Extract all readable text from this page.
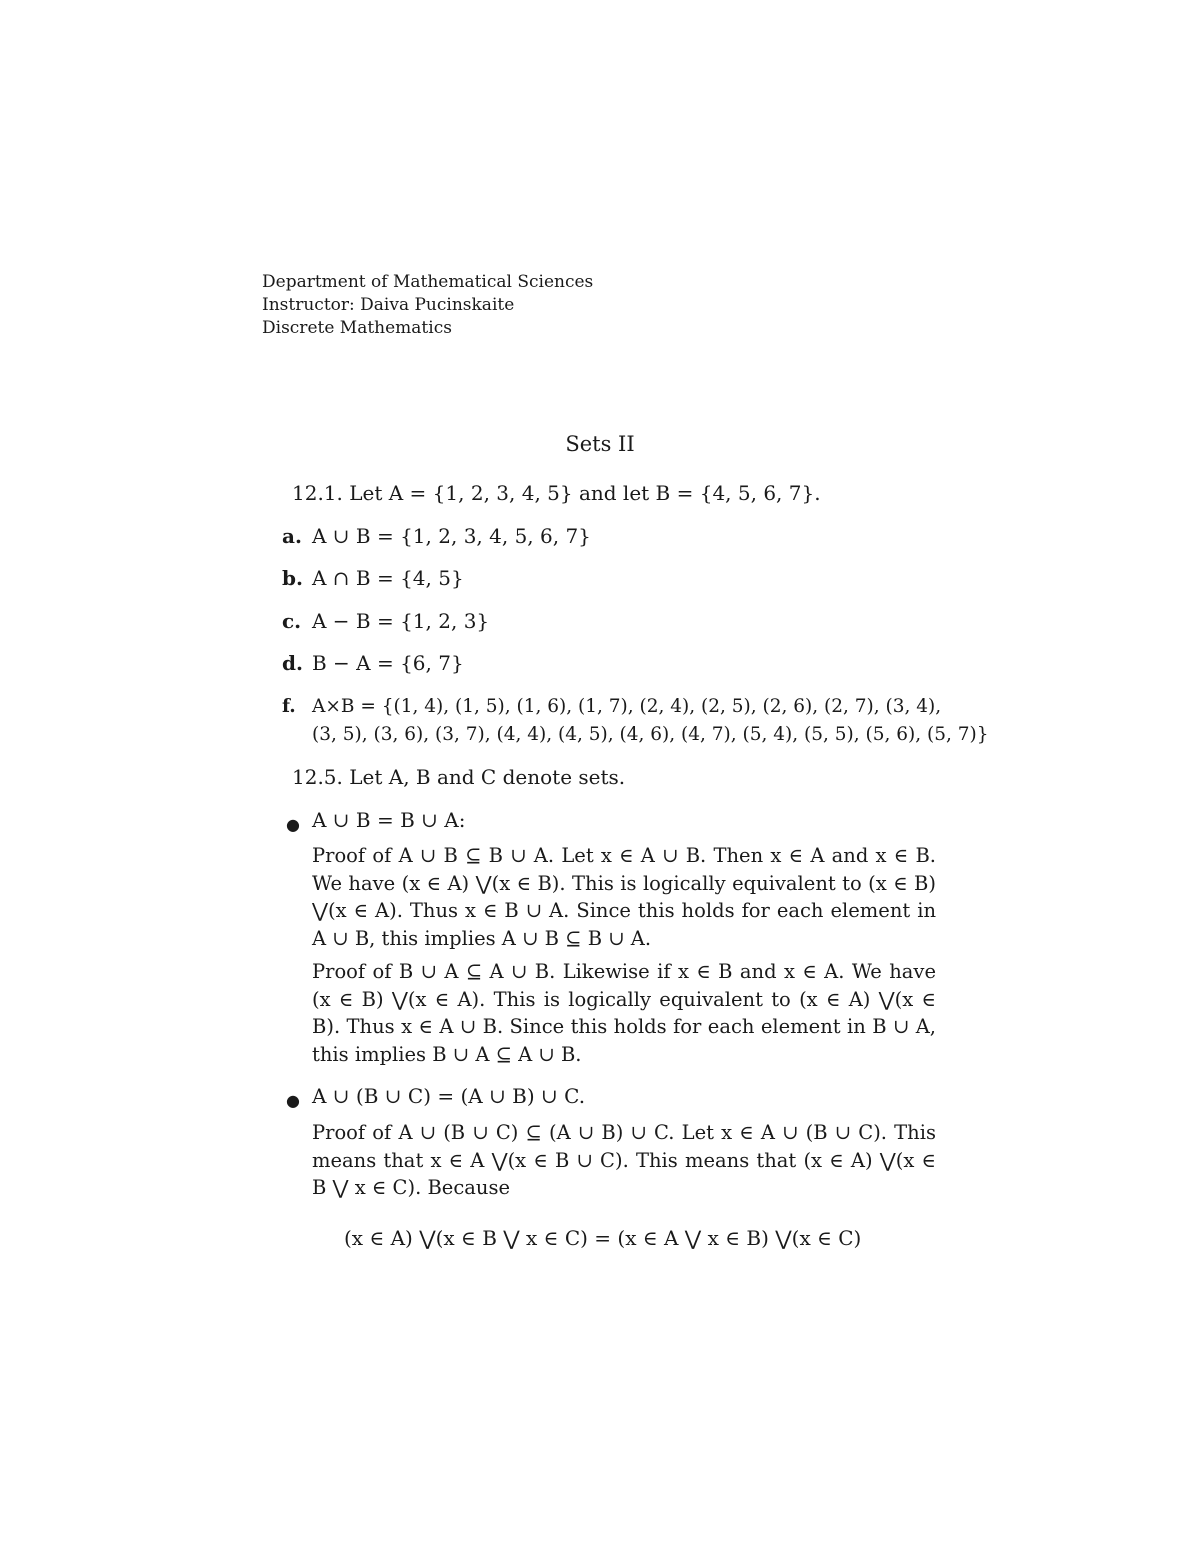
Department of Mathematical Sciences
Instructor: Daiva Pucinskaite
Discrete Mathematics
Sets II
12.1. Let A = {1, 2, 3, 4, 5} and let B = {4, 5, 6, 7}.
a. A ∪ B = {1, 2, 3, 4, 5, 6, 7}
b. A ∩ B = {4, 5}
c. A − B = {1, 2, 3}
d. B − A = {6, 7}
f. A×B = {(1, 4), (1, 5), (1, 6), (1, 7), (2, 4), (2, 5), (2, 6), (2, 7), (3, 4),
(3, 5), (3, 6), (3, 7), (4, 4), (4, 5), (4, 6), (4, 7), (5, 4), (5, 5), (5, 6), (5, 7)}
12.5. Let A, B and C denote sets.
● A ∪ B = B ∪ A:
Proof of A ∪ B ⊆ B ∪ A. Let x ∈ A ∪ B. Then x ∈ A and x ∈ B. We have (x ∈ A) ⋁(x ∈ B). This is logically equivalent to (x ∈ B) ⋁(x ∈ A). Thus x ∈ B ∪ A. Since this holds for each element in A ∪ B, this implies A ∪ B ⊆ B ∪ A.
Proof of B ∪ A ⊆ A ∪ B. Likewise if x ∈ B and x ∈ A. We have (x ∈ B) ⋁(x ∈ A). This is logically equivalent to (x ∈ A) ⋁(x ∈ B). Thus x ∈ A ∪ B. Since this holds for each element in B ∪ A, this implies B ∪ A ⊆ A ∪ B.
● A ∪ (B ∪ C) = (A ∪ B) ∪ C.
Proof of A ∪ (B ∪ C) ⊆ (A ∪ B) ∪ C. Let x ∈ A ∪ (B ∪ C). This means that x ∈ A ⋁(x ∈ B ∪ C). This means that (x ∈ A) ⋁(x ∈ B ⋁ x ∈ C). Because
(x ∈ A) ⋁(x ∈ B ⋁ x ∈ C) = (x ∈ A ⋁ x ∈ B) ⋁(x ∈ C)
